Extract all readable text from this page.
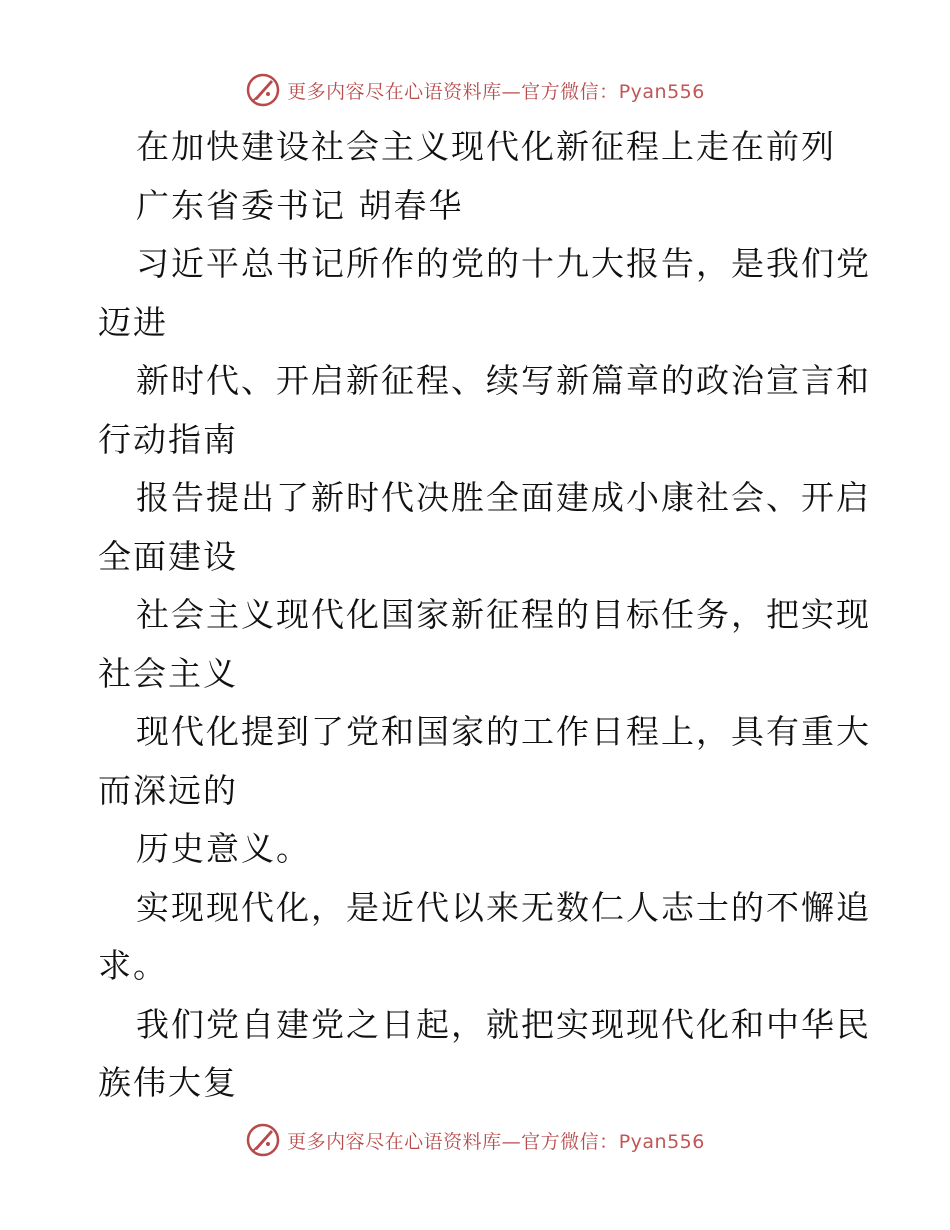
更多内容尽在心语资料库—官方微信：Pyan556
在加快建设社会主义现代化新征程上走在前列
广东省委书记 胡春华
习近平总书记所作的党的十九大报告，是我们党
迈进
新时代、开启新征程、续写新篇章的政治宣言和
行动指南
报告提出了新时代决胜全面建成小康社会、开启
全面建设
社会主义现代化国家新征程的目标任务，把实现
社会主义
现代化提到了党和国家的工作日程上，具有重大
而深远的
历史意义。
实现现代化，是近代以来无数仁人志士的不懈追
求。
我们党自建党之日起，就把实现现代化和中华民
族伟大复
更多内容尽在心语资料库—官方微信：Pyan556
